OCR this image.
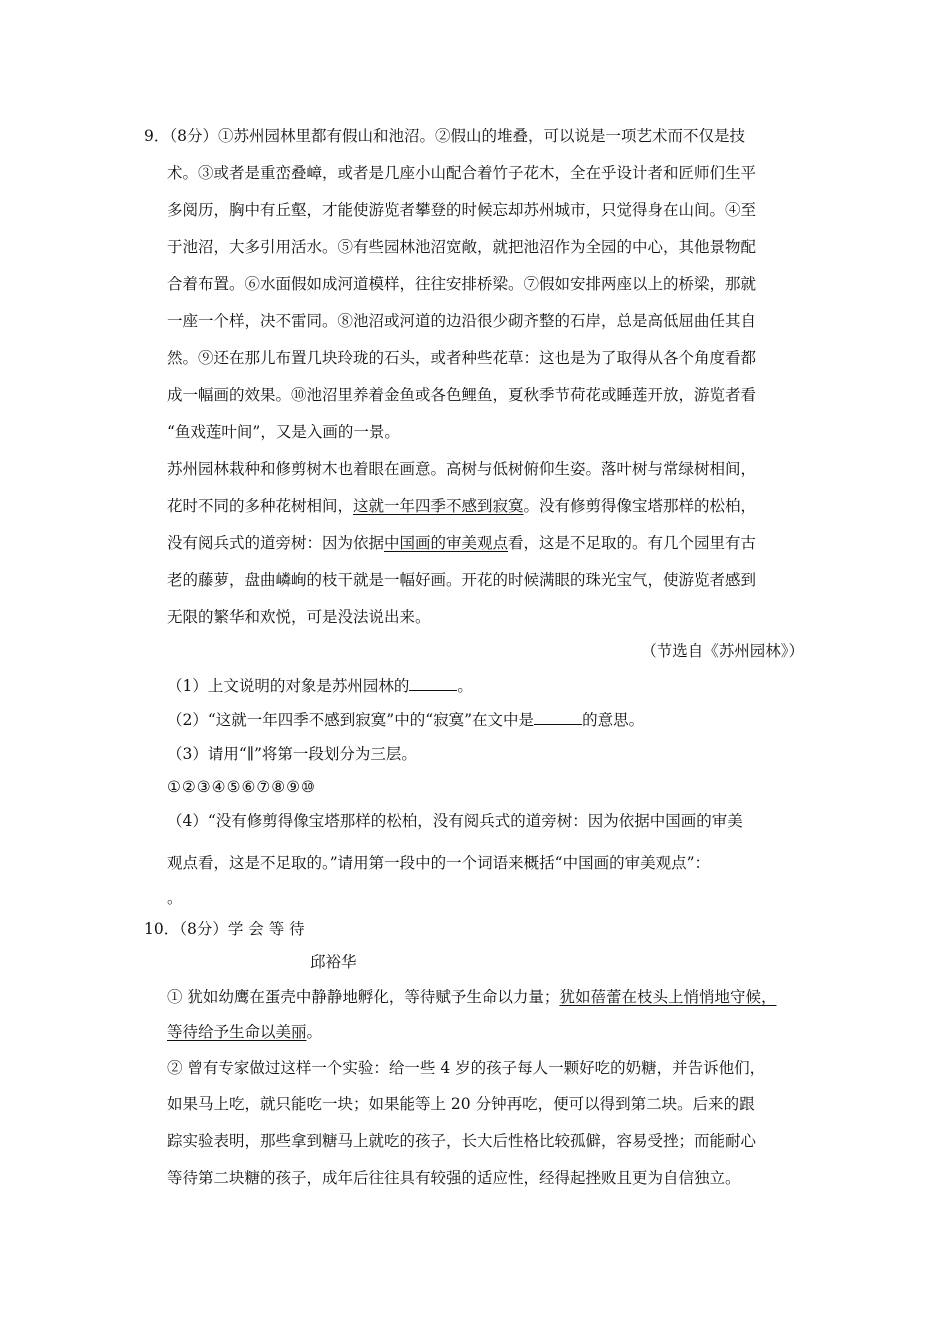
9．（8分）①苏州园林里都有假山和池沼。②假山的堆叠，可以说是一项艺术而不仅是技
术。③或者是重峦叠嶂，或者是几座小山配合着竹子花木，全在乎设计者和匠师们生平
多阅历，胸中有丘壑，才能使游览者攀登的时候忘却苏州城市，只觉得身在山间。④至
于池沼，大多引用活水。⑤有些园林池沼宽敞，就把池沼作为全园的中心，其他景物配
合着布置。⑥水面假如成河道模样，往往安排桥梁。⑦假如安排两座以上的桥梁，那就
一座一个样，决不雷同。⑧池沼或河道的边沿很少砌齐整的石岸，总是高低屈曲任其自
然。⑨还在那儿布置几块玲珑的石头，或者种些花草：这也是为了取得从各个角度看都
成一幅画的效果。⑩池沼里养着金鱼或各色鲤鱼，夏秋季节荷花或睡莲开放，游览者看
“鱼戏莲叶间”，又是入画的一景。
苏州园林栽种和修剪树木也着眼在画意。高树与低树俯仰生姿。落叶树与常绿树相间，
花时不同的多种花树相间，这就一年四季不感到寂寞。没有修剪得像宝塔那样的松柏，
没有阅兵式的道旁树：因为依据中国画的审美观点看，这是不足取的。有几个园里有古
老的藤萝，盘曲嶙峋的枝干就是一幅好画。开花的时候满眼的珠光宝气，使游览者感到
无限的繁华和欢悦，可是没法说出来。
（节选自《苏州园林》）
（1）上文说明的对象是苏州园林的	。
（2）“这就一年四季不感到寂寞”中的“寂寞”在文中是	的意思。
（3）请用“∥”将第一段划分为三层。
①②③④⑤⑥⑦⑧⑨⑩
（4）“没有修剪得像宝塔那样的松柏，没有阅兵式的道旁树：因为依据中国画的审美
观点看，这是不足取的。”请用第一段中的一个词语来概括“中国画的审美观点”：
。
10．（8分）学 会 等 待
邱裕华
① 犹如幼鹰在蛋壳中静静地孵化，等待赋予生命以力量；犹如蓓蕾在枝头上悄悄地守候，
等待给予生命以美丽。
② 曾有专家做过这样一个实验：给一些 4 岁的孩子每人一颗好吃的奶糖，并告诉他们，
如果马上吃，就只能吃一块；如果能等上 20 分钟再吃，便可以得到第二块。后来的跟
踪实验表明，那些拿到糖马上就吃的孩子，长大后性格比较孤僻，容易受挫；而能耐心
等待第二块糖的孩子，成年后往往具有较强的适应性，经得起挫败且更为自信独立。
